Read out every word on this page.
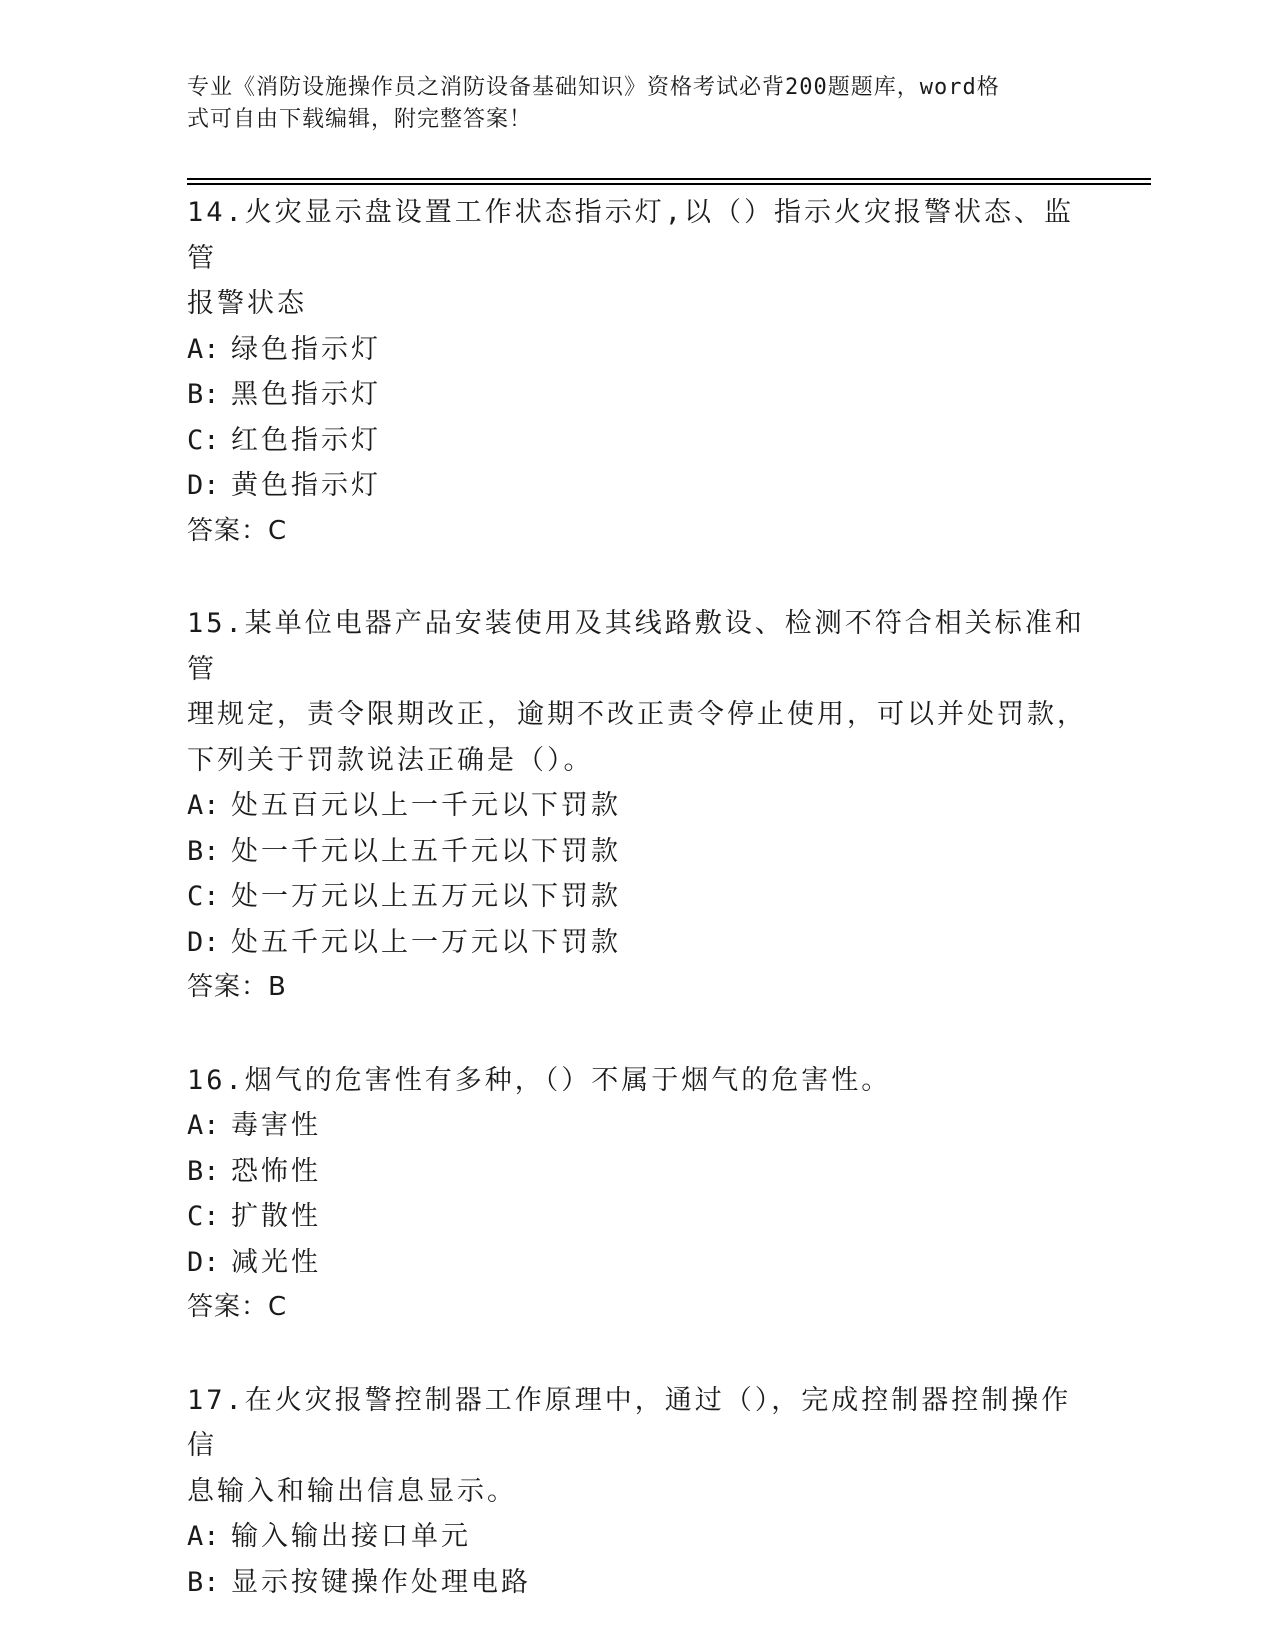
专业《消防设施操作员之消防设备基础知识》资格考试必背200题题库，word格
式可自由下载编辑，附完整答案！

14.火灾显示盘设置工作状态指示灯,以（）指示火灾报警状态、监管

报警状态

A: 绿色指示灯

B: 黑色指示灯

C: 红色指示灯

D: 黄色指示灯

答案：C

15.某单位电器产品安装使用及其线路敷设、检测不符合相关标准和管

理规定，责令限期改正，逾期不改正责令停止使用，可以并处罚款，

下列关于罚款说法正确是（）。

A: 处五百元以上一千元以下罚款

B: 处一千元以上五千元以下罚款

C: 处一万元以上五万元以下罚款

D: 处五千元以上一万元以下罚款

答案：B

16.烟气的危害性有多种，（）不属于烟气的危害性。

A: 毒害性

B: 恐怖性

C: 扩散性

D: 减光性

答案：C

17.在火灾报警控制器工作原理中，通过（），完成控制器控制操作信

息输入和输出信息显示。

A: 输入输出接口单元

B: 显示按键操作处理电路
